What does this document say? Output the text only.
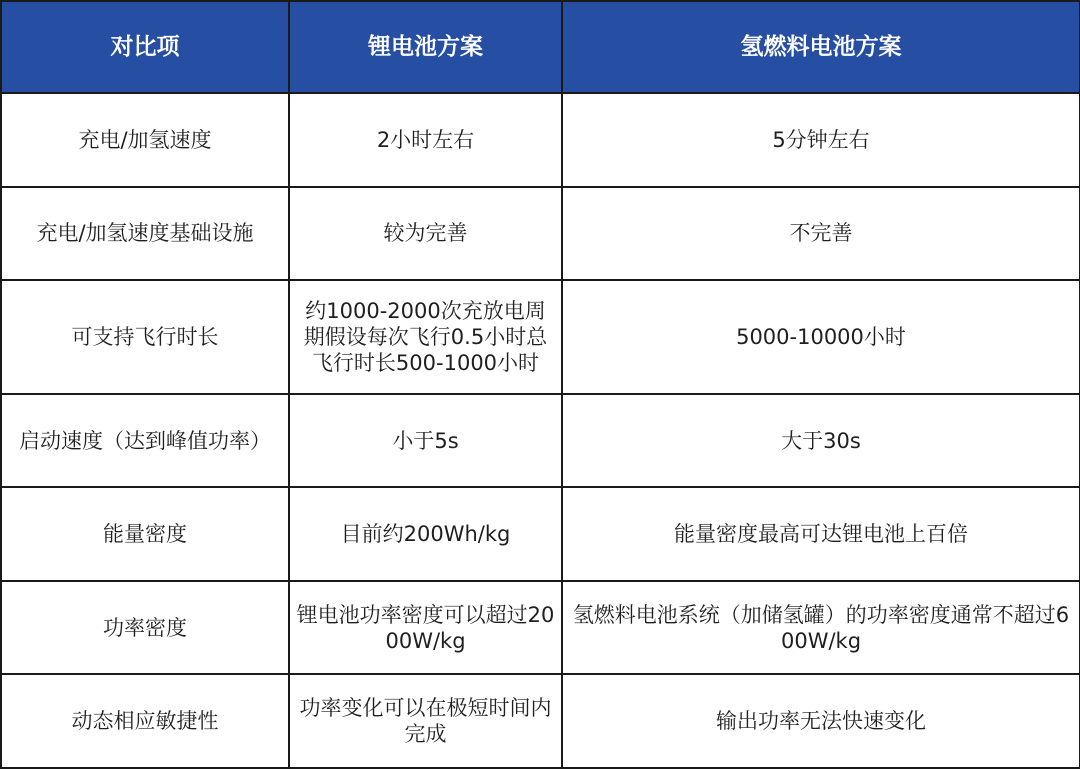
对比项	锂电池方案	氢燃料电池方案
充电/加氢速度	2小时左右	5分钟左右
充电/加氢速度基础设施	较为完善	不完善
可支持飞行时长	约1000-2000次充放电周期假设每次飞行0.5小时总飞行时长500-1000小时	5000-10000小时
启动速度（达到峰值功率）	小于5s	大于30s
能量密度	目前约200Wh/kg	能量密度最高可达锂电池上百倍
功率密度	锂电池功率密度可以超过2000W/kg	氢燃料电池系统（加储氢罐）的功率密度通常不超过600W/kg
动态相应敏捷性	功率变化可以在极短时间内完成	输出功率无法快速变化
